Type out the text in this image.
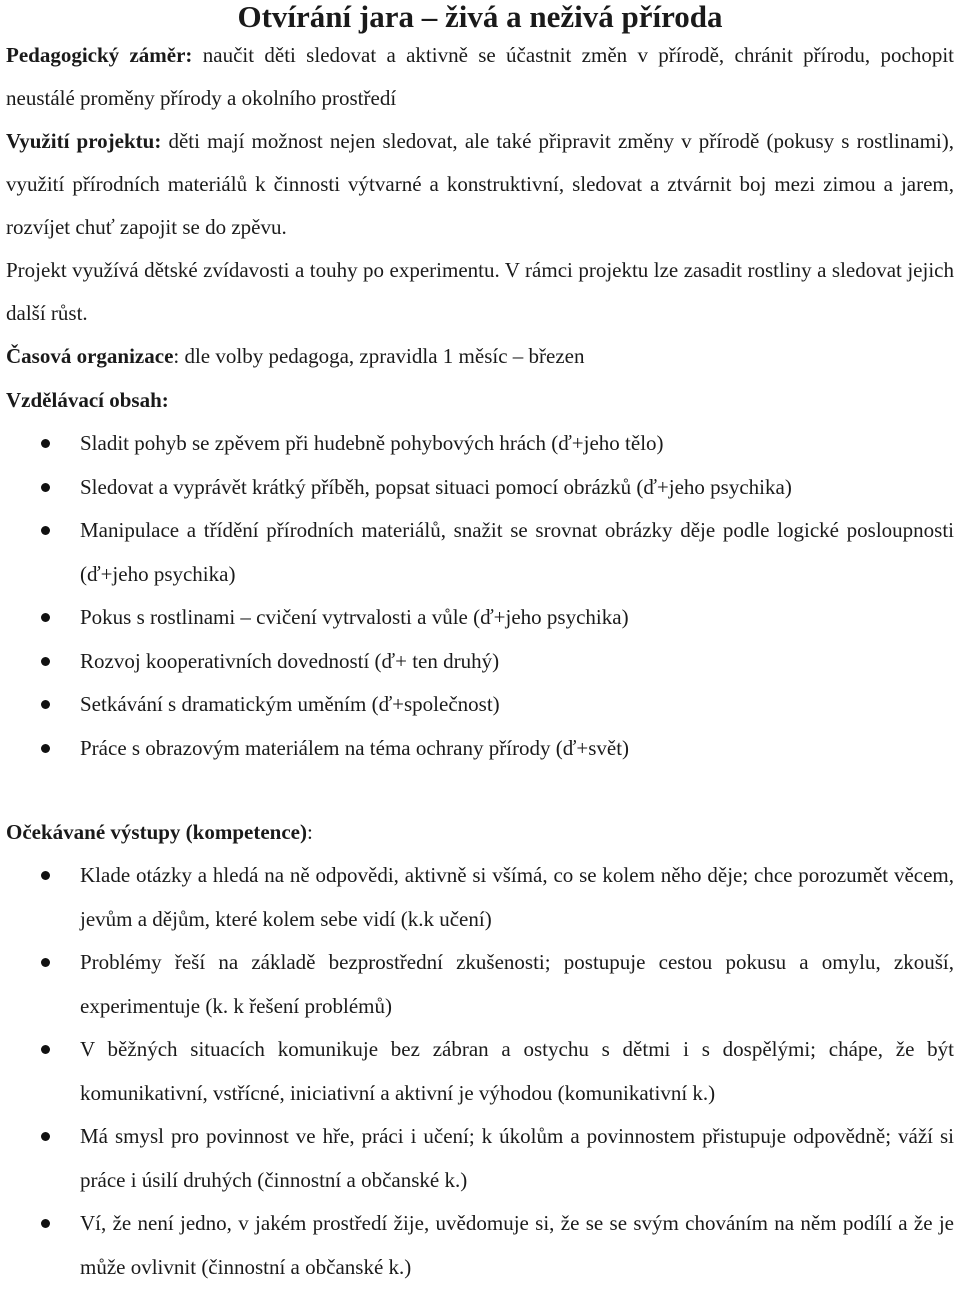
Otvírání jara – živá a neživá příroda

Pedagogický záměr: naučit děti sledovat a aktivně se účastnit změn v přírodě, chránit přírodu, pochopit neustálé proměny přírody a okolního prostředí

Využití projektu: děti mají možnost nejen sledovat, ale také připravit změny v přírodě (pokusy s rostlinami), využití přírodních materiálů k činnosti výtvarné a konstruktivní, sledovat a ztvárnit boj mezi zimou a jarem, rozvíjet chuť zapojit se do zpěvu.

Projekt využívá dětské zvídavosti a touhy po experimentu. V rámci projektu lze zasadit rostliny a sledovat jejich další růst.

Časová organizace: dle volby pedagoga, zpravidla 1 měsíc – březen

Vzdělávací obsah:

Sladit pohyb se zpěvem při hudebně pohybových hrách (ď+jeho tělo)
Sledovat a vyprávět krátký příběh, popsat situaci pomocí obrázků (ď+jeho psychika)
Manipulace a třídění přírodních materiálů, snažit se srovnat obrázky děje podle logické posloupnosti (ď+jeho psychika)
Pokus s rostlinami – cvičení vytrvalosti a vůle (ď+jeho psychika)
Rozvoj kooperativních dovedností (ď+ ten druhý)
Setkávání s dramatickým uměním (ď+společnost)
Práce s obrazovým materiálem na téma ochrany přírody (ď+svět)

Očekávané výstupy (kompetence):

Klade otázky a hledá na ně odpovědi, aktivně si všímá, co se kolem něho děje; chce porozumět věcem, jevům a dějům, které kolem sebe vidí (k.k učení)
Problémy řeší na základě bezprostřední zkušenosti; postupuje cestou pokusu a omylu, zkouší, experimentuje (k. k řešení problémů)
V běžných situacích komunikuje bez zábran a ostychu s dětmi i s dospělými; chápe, že být komunikativní, vstřícné, iniciativní a aktivní je výhodou (komunikativní k.)
Má smysl pro povinnost ve hře, práci i učení; k úkolům a povinnostem přistupuje odpovědně; váží si práce i úsilí druhých (činnostní a občanské k.)
Ví, že není jedno, v jakém prostředí žije, uvědomuje si, že se se svým chováním na něm podílí a že je může ovlivnit (činnostní a občanské k.)
